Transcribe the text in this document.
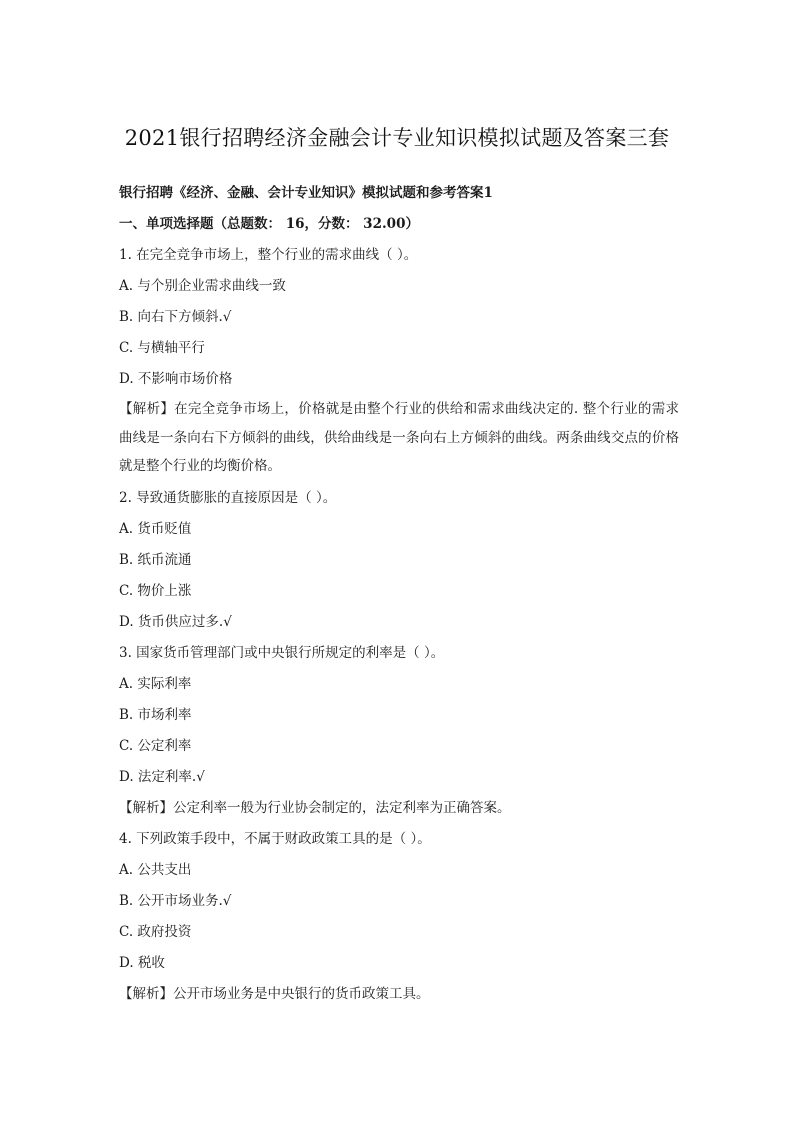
2021银行招聘经济金融会计专业知识模拟试题及答案三套
银行招聘《经济、金融、会计专业知识》模拟试题和参考答案1
一、单项选择题（总题数： 16，分数： 32.00）
1. 在完全竞争市场上，整个行业的需求曲线（ ）。
A. 与个别企业需求曲线一致
B. 向右下方倾斜.√
C. 与横轴平行
D. 不影响市场价格

【解析】在完全竞争市场上，价格就是由整个行业的供给和需求曲线决定的. 整个行业的需求曲线是一条向右下方倾斜的曲线，供给曲线是一条向右上方倾斜的曲线。两条曲线交点的价格就是整个行业的均衡价格。

2. 导致通货膨胀的直接原因是（ ）。
A. 货币贬值
B. 纸币流通
C. 物价上涨
D. 货币供应过多.√
3. 国家货币管理部门或中央银行所规定的利率是（ ）。
A. 实际利率
B. 市场利率
C. 公定利率
D. 法定利率.√
【解析】公定利率一般为行业协会制定的，法定利率为正确答案。
4. 下列政策手段中，不属于财政政策工具的是（ ）。
A. 公共支出
B. 公开市场业务.√
C. 政府投资
D. 税收
【解析】公开市场业务是中央银行的货币政策工具。
